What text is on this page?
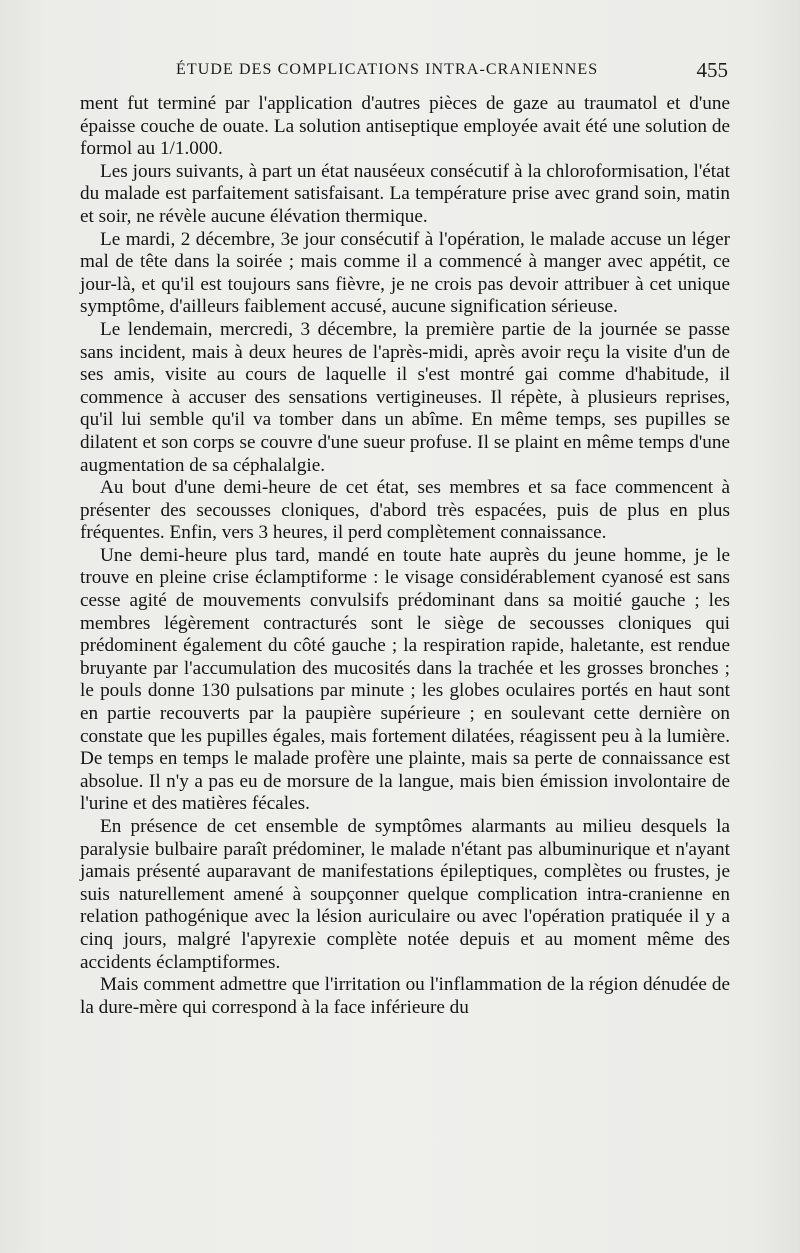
ÉTUDE DES COMPLICATIONS INTRA-CRANIENNES	455

ment fut terminé par l'application d'autres pièces de gaze au traumatol et d'une épaisse couche de ouate. La solution antiseptique employée avait été une solution de formol au 1/1.000.

Les jours suivants, à part un état nauséeux consécutif à la chloroformisation, l'état du malade est parfaitement satisfaisant. La température prise avec grand soin, matin et soir, ne révèle aucune élévation thermique.

Le mardi, 2 décembre, 3e jour consécutif à l'opération, le malade accuse un léger mal de tête dans la soirée ; mais comme il a commencé à manger avec appétit, ce jour-là, et qu'il est toujours sans fièvre, je ne crois pas devoir attribuer à cet unique symptôme, d'ailleurs faiblement accusé, aucune signification sérieuse.

Le lendemain, mercredi, 3 décembre, la première partie de la journée se passe sans incident, mais à deux heures de l'après-midi, après avoir reçu la visite d'un de ses amis, visite au cours de laquelle il s'est montré gai comme d'habitude, il commence à accuser des sensations vertigineuses. Il répète, à plusieurs reprises, qu'il lui semble qu'il va tomber dans un abîme. En même temps, ses pupilles se dilatent et son corps se couvre d'une sueur profuse. Il se plaint en même temps d'une augmentation de sa céphalalgie.

Au bout d'une demi-heure de cet état, ses membres et sa face commencent à présenter des secousses cloniques, d'abord très espacées, puis de plus en plus fréquentes. Enfin, vers 3 heures, il perd complètement connaissance.

Une demi-heure plus tard, mandé en toute hate auprès du jeune homme, je le trouve en pleine crise éclamptiforme : le visage considérablement cyanosé est sans cesse agité de mouvements convulsifs prédominant dans sa moitié gauche ; les membres légèrement contracturés sont le siège de secousses cloniques qui prédominent également du côté gauche ; la respiration rapide, haletante, est rendue bruyante par l'accumulation des mucosités dans la trachée et les grosses bronches ; le pouls donne 130 pulsations par minute ; les globes oculaires portés en haut sont en partie recouverts par la paupière supérieure ; en soulevant cette dernière on constate que les pupilles égales, mais fortement dilatées, réagissent peu à la lumière. De temps en temps le malade profère une plainte, mais sa perte de connaissance est absolue. Il n'y a pas eu de morsure de la langue, mais bien émission involontaire de l'urine et des matières fécales.

En présence de cet ensemble de symptômes alarmants au milieu desquels la paralysie bulbaire paraît prédominer, le malade n'étant pas albuminurique et n'ayant jamais présenté auparavant de manifestations épileptiques, complètes ou frustes, je suis naturellement amené à soupçonner quelque complication intra-cranienne en relation pathogénique avec la lésion auriculaire ou avec l'opération pratiquée il y a cinq jours, malgré l'apyrexie complète notée depuis et au moment même des accidents éclamptiformes.

Mais comment admettre que l'irritation ou l'inflammation de la région dénudée de la dure-mère qui correspond à la face inférieure du
